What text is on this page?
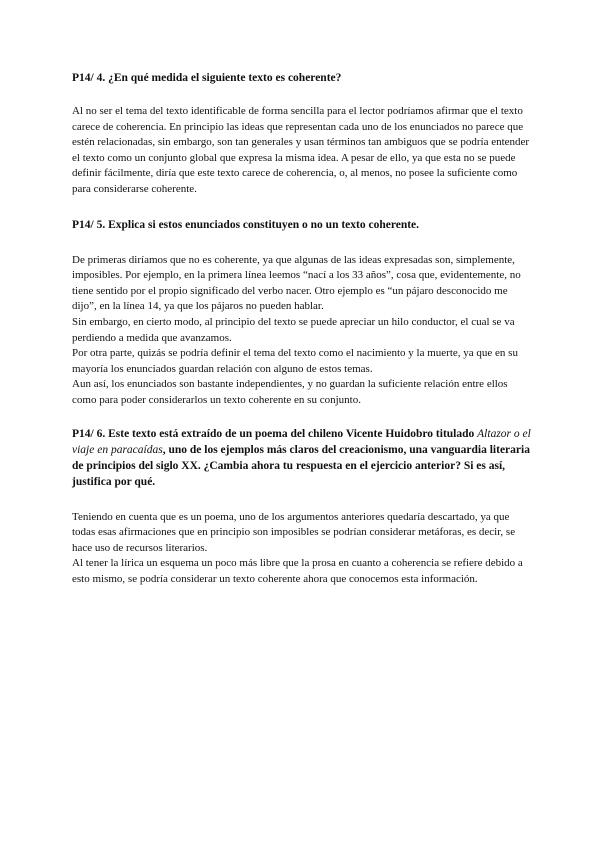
P14/ 4. ¿En qué medida el siguiente texto es coherente?

Al no ser el tema del texto identificable de forma sencilla para el lector podríamos afirmar que el texto carece de coherencia. En principio las ideas que representan cada uno de los enunciados no parece que estén relacionadas, sin embargo, son tan generales y usan términos tan ambiguos que se podría entender el texto como un conjunto global que expresa la misma idea. A pesar de ello, ya que esta no se puede definir fácilmente, diría que este texto carece de coherencia, o, al menos, no posee la suficiente como para considerarse coherente.

P14/ 5. Explica si estos enunciados constituyen o no un texto coherente.

De primeras diríamos que no es coherente, ya que algunas de las ideas expresadas son, simplemente, imposibles. Por ejemplo, en la primera línea leemos “nací a los 33 años”, cosa que, evidentemente, no tiene sentido por el propio significado del verbo nacer. Otro ejemplo es “un pájaro desconocido me dijo”, en la línea 14, ya que los pájaros no pueden hablar.

Sin embargo, en cierto modo, al principio del texto se puede apreciar un hilo conductor, el cual se va perdiendo a medida que avanzamos.

Por otra parte, quizás se podría definir el tema del texto como el nacimiento y la muerte, ya que en su mayoría los enunciados guardan relación con alguno de estos temas.

Aun así, los enunciados son bastante independientes, y no guardan la suficiente relación entre ellos como para poder considerarlos un texto coherente en su conjunto.

P14/ 6. Este texto está extraído de un poema del chileno Vicente Huidobro titulado Altazor o el viaje en paracaídas, uno de los ejemplos más claros del creacionismo, una vanguardia literaria de principios del siglo XX. ¿Cambia ahora tu respuesta en el ejercicio anterior? Si es así, justifica por qué.

Teniendo en cuenta que es un poema, uno de los argumentos anteriores quedaría descartado, ya que todas esas afirmaciones que en principio son imposibles se podrían considerar metáforas, es decir, se hace uso de recursos literarios.

Al tener la lírica un esquema un poco más libre que la prosa en cuanto a coherencia se refiere debido a esto mismo, se podría considerar un texto coherente ahora que conocemos esta información.
